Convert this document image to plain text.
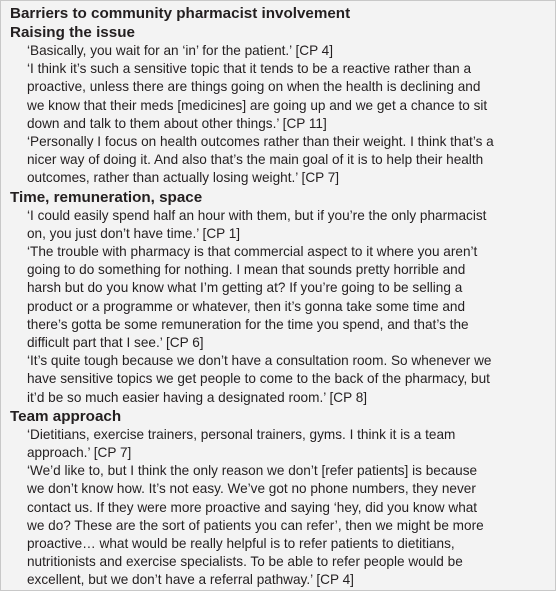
Barriers to community pharmacist involvement
Raising the issue
‘Basically, you wait for an ‘in’ for the patient.’ [CP 4]
‘I think it’s such a sensitive topic that it tends to be a reactive rather than a
proactive, unless there are things going on when the health is declining and
we know that their meds [medicines] are going up and we get a chance to sit
down and talk to them about other things.’ [CP 11]
‘Personally I focus on health outcomes rather than their weight. I think that’s a
nicer way of doing it. And also that’s the main goal of it is to help their health
outcomes, rather than actually losing weight.’ [CP 7]
Time, remuneration, space
‘I could easily spend half an hour with them, but if you’re the only pharmacist
on, you just don’t have time.’ [CP 1]
‘The trouble with pharmacy is that commercial aspect to it where you aren’t
going to do something for nothing. I mean that sounds pretty horrible and
harsh but do you know what I’m getting at? If you’re going to be selling a
product or a programme or whatever, then it’s gonna take some time and
there’s gotta be some remuneration for the time you spend, and that’s the
difficult part that I see.’ [CP 6]
‘It’s quite tough because we don’t have a consultation room. So whenever we
have sensitive topics we get people to come to the back of the pharmacy, but
it’d be so much easier having a designated room.’ [CP 8]
Team approach
‘Dietitians, exercise trainers, personal trainers, gyms. I think it is a team
approach.’ [CP 7]
‘We’d like to, but I think the only reason we don’t [refer patients] is because
we don’t know how. It’s not easy. We’ve got no phone numbers, they never
contact us. If they were more proactive and saying ‘hey, did you know what
we do? These are the sort of patients you can refer’, then we might be more
proactive… what would be really helpful is to refer patients to dietitians,
nutritionists and exercise specialists. To be able to refer people would be
excellent, but we don’t have a referral pathway.’ [CP 4]
